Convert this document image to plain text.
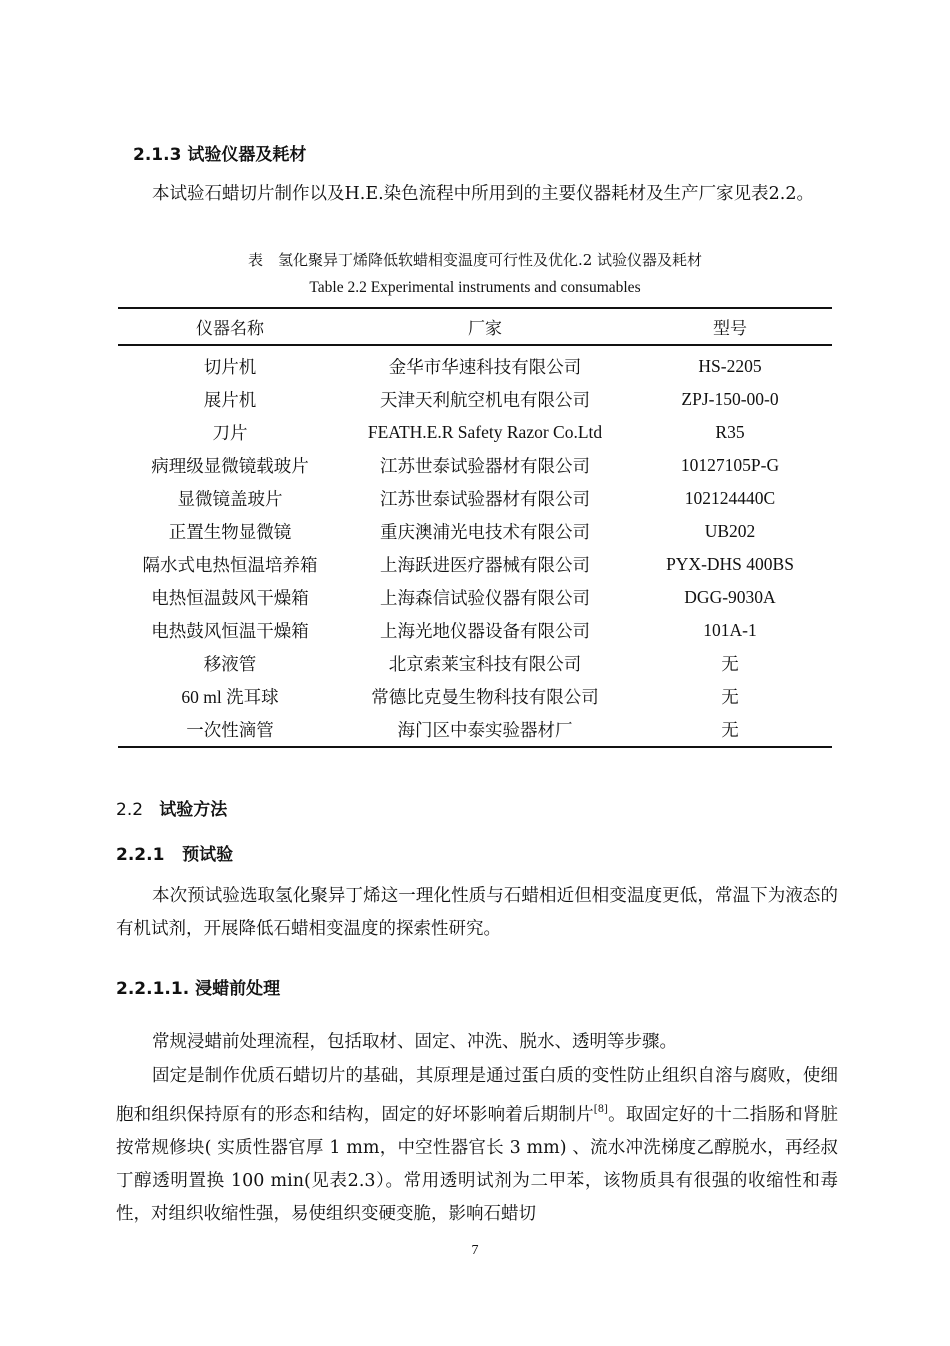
2.1.3 试验仪器及耗材
本试验石蜡切片制作以及H.E.染色流程中所用到的主要仪器耗材及生产厂家见表2.2。
表　氢化聚异丁烯降低软蜡相变温度可行性及优化.2 试验仪器及耗材
Table 2.2 Experimental instruments and consumables
仪器名称	厂家	型号
切片机	金华市华速科技有限公司	HS-2205
展片机	天津天利航空机电有限公司	ZPJ-150-00-0
刀片	FEATH.E.R Safety Razor Co.Ltd	R35
病理级显微镜载玻片	江苏世泰试验器材有限公司	10127105P-G
显微镜盖玻片	江苏世泰试验器材有限公司	102124440C
正置生物显微镜	重庆澳浦光电技术有限公司	UB202
隔水式电热恒温培养箱	上海跃进医疗器械有限公司	PYX-DHS 400BS
电热恒温鼓风干燥箱	上海森信试验仪器有限公司	DGG-9030A
电热鼓风恒温干燥箱	上海光地仪器设备有限公司	101A-1
移液管	北京索莱宝科技有限公司	无
60 ml 洗耳球	常德比克曼生物科技有限公司	无
一次性滴管	海门区中泰实验器材厂	无
2.2 试验方法
2.2.1 预试验
本次预试验选取氢化聚异丁烯这一理化性质与石蜡相近但相变温度更低，常温下为液态的有机试剂，开展降低石蜡相变温度的探索性研究。
2.2.1.1. 浸蜡前处理
常规浸蜡前处理流程，包括取材、固定、冲洗、脱水、透明等步骤。
固定是制作优质石蜡切片的基础，其原理是通过蛋白质的变性防止组织自溶与腐败，使细胞和组织保持原有的形态和结构，固定的好坏影响着后期制片[8]。取固定好的十二指肠和肾脏按常规修块( 实质性器官厚 1 mm，中空性器官长 3 mm) 、流水冲洗梯度乙醇脱水，再经叔丁醇透明置换 100 min(见表2.3）。常用透明试剂为二甲苯，该物质具有很强的收缩性和毒性，对组织收缩性强，易使组织变硬变脆，影响石蜡切
7
